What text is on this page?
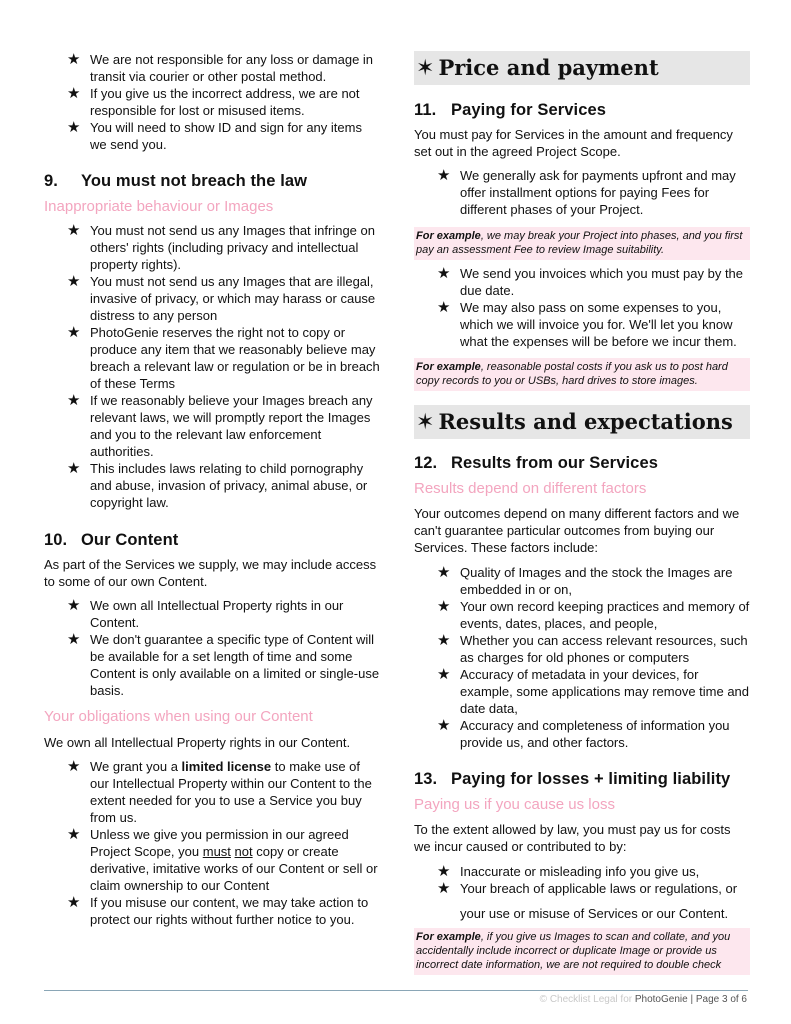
★ We are not responsible for any loss or damage in transit via courier or other postal method.
★ If you give us the incorrect address, we are not responsible for lost or misused items.
★ You will need to show ID and sign for any items we send you.

9. You must not breach the law

Inappropriate behaviour or Images

★ You must not send us any Images that infringe on others' rights (including privacy and intellectual property rights).
★ You must not send us any Images that are illegal, invasive of privacy, or which may harass or cause distress to any person
★ PhotoGenie reserves the right not to copy or produce any item that we reasonably believe may breach a relevant law or regulation or be in breach of these Terms
★ If we reasonably believe your Images breach any relevant laws, we will promptly report the Images and you to the relevant law enforcement authorities.
★ This includes laws relating to child pornography and abuse, invasion of privacy, animal abuse, or copyright law.

10. Our Content

As part of the Services we supply, we may include access to some of our own Content.

★ We own all Intellectual Property rights in our Content.
★ We don't guarantee a specific type of Content will be available for a set length of time and some Content is only available on a limited or single-use basis.

Your obligations when using our Content

We own all Intellectual Property rights in our Content.

★ We grant you a limited license to make use of our Intellectual Property within our Content to the extent needed for you to use a Service you buy from us.
★ Unless we give you permission in our agreed Project Scope, you must not copy or create derivative, imitative works of our Content or sell or claim ownership to our Content
★ If you misuse our content, we may take action to protect our rights without further notice to you.
✶ Price and payment

11. Paying for Services

You must pay for Services in the amount and frequency set out in the agreed Project Scope.

★ We generally ask for payments upfront and may offer installment options for paying Fees for different phases of your Project.
For example, we may break your Project into phases, and you first pay an assessment Fee to review Image suitability.
★ We send you invoices which you must pay by the due date.
★ We may also pass on some expenses to you, which we will invoice you for. We'll let you know what the expenses will be before we incur them.
For example, reasonable postal costs if you ask us to post hard copy records to you or USBs, hard drives to store images.
✶ Results and expectations

12. Results from our Services

Results depend on different factors

Your outcomes depend on many different factors and we can't guarantee particular outcomes from buying our Services. These factors include:

★ Quality of Images and the stock the Images are embedded in or on,
★ Your own record keeping practices and memory of events, dates, places, and people,
★ Whether you can access relevant resources, such as charges for old phones or computers
★ Accuracy of metadata in your devices, for example, some applications may remove time and date data,
★ Accuracy and completeness of information you provide us, and other factors.

13. Paying for losses + limiting liability

Paying us if you cause us loss

To the extent allowed by law, you must pay us for costs we incur caused or contributed to by:

★ Inaccurate or misleading info you give us,
★ Your breach of applicable laws or regulations, or

your use or misuse of Services or our Content.

For example, if you give us Images to scan and collate, and you accidentally include incorrect or duplicate Image or provide us incorrect date information, we are not required to double check
© Checklist Legal for PhotoGenie | Page 3 of 6
